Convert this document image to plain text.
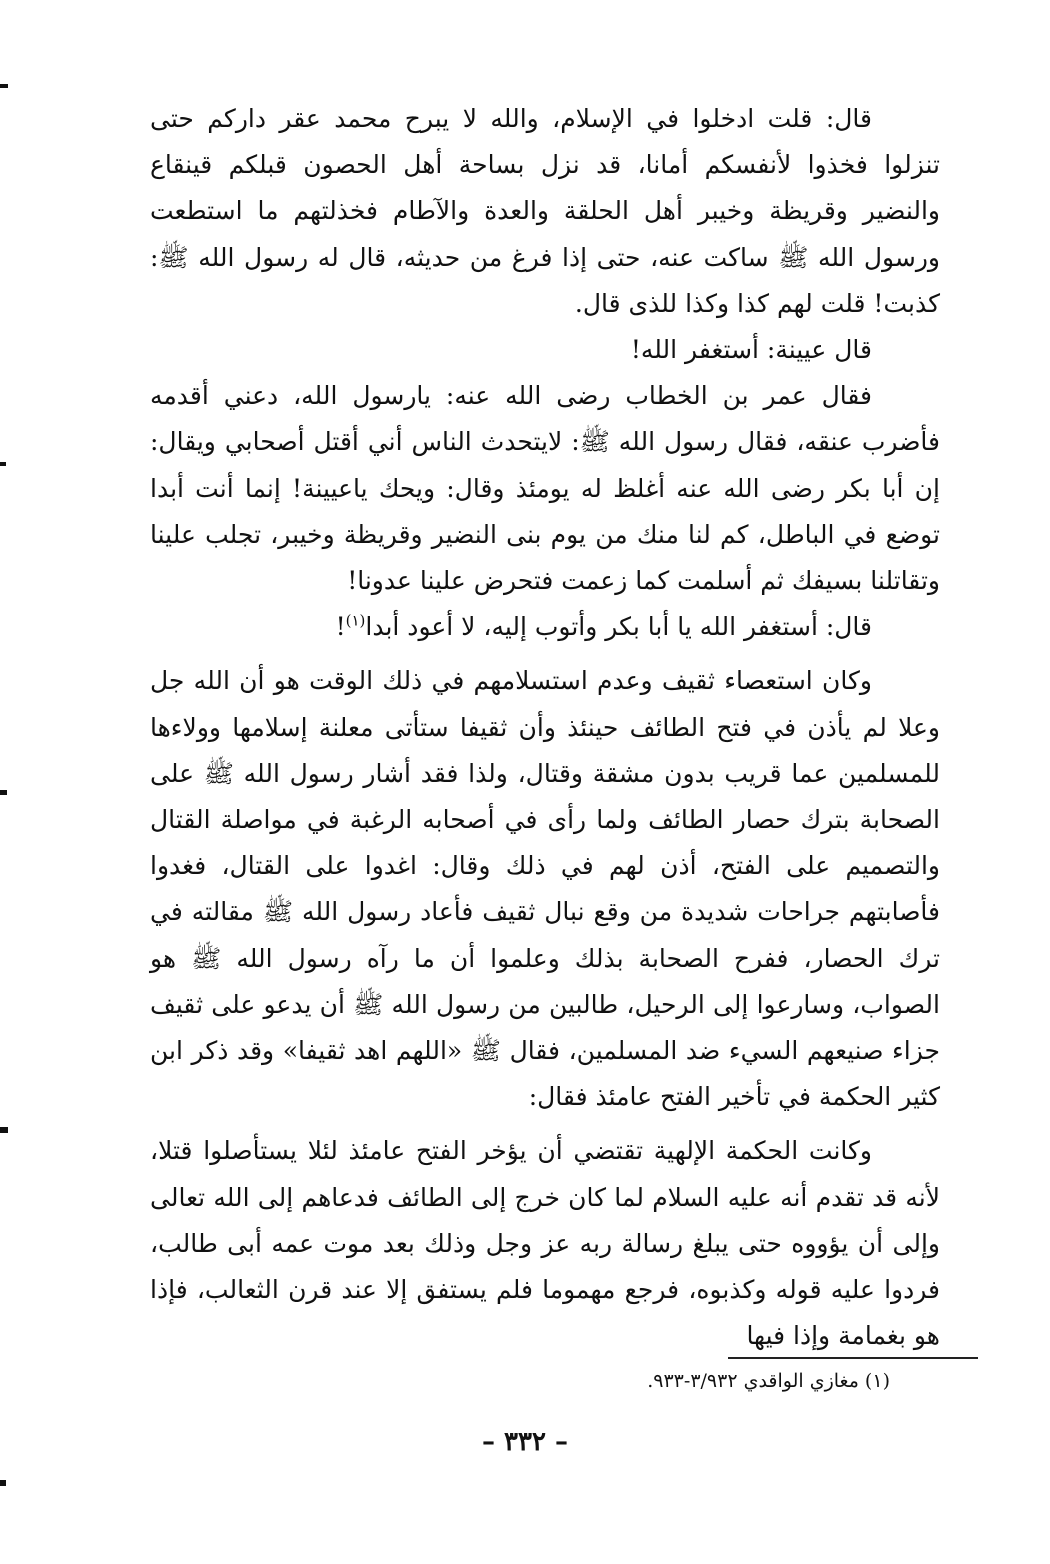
قال: قلت ادخلوا في الإسلام، والله لا يبرح محمد عقر داركم حتى تنزلوا فخذوا لأنفسكم أمانا، قد نزل بساحة أهل الحصون قبلكم قينقاع والنضير وقريظة وخيبر أهل الحلقة والعدة والآطام فخذلتهم ما استطعت ورسول الله ﷺ ساكت عنه، حتى إذا فرغ من حديثه، قال له رسول الله ﷺ: كذبت! قلت لهم كذا وكذا للذى قال.

قال عيينة: أستغفر الله!

فقال عمر بن الخطاب رضى الله عنه: يارسول الله، دعني أقدمه فأضرب عنقه، فقال رسول الله ﷺ: لايتحدث الناس أني أقتل أصحابي ويقال: إن أبا بكر رضى الله عنه أغلظ له يومئذ وقال: ويحك ياعيينة! إنما أنت أبدا توضع في الباطل، كم لنا منك من يوم بنى النضير وقريظة وخيبر، تجلب علينا وتقاتلنا بسيفك ثم أسلمت كما زعمت فتحرض علينا عدونا!

قال: أستغفر الله يا أبا بكر وأتوب إليه، لا أعود أبدا$^{(١)}$!

وكان استعصاء ثقيف وعدم استسلامهم في ذلك الوقت هو أن الله جل وعلا لم يأذن في فتح الطائف حينئذ وأن ثقيفا ستأتى معلنة إسلامها وولاءها للمسلمين عما قريب بدون مشقة وقتال، ولذا فقد أشار رسول الله ﷺ على الصحابة بترك حصار الطائف ولما رأى في أصحابه الرغبة في مواصلة القتال والتصميم على الفتح، أذن لهم في ذلك وقال: اغدوا على القتال، فغدوا فأصابتهم جراحات شديدة من وقع نبال ثقيف فأعاد رسول الله ﷺ مقالته في ترك الحصار، ففرح الصحابة بذلك وعلموا أن ما رآه رسول الله ﷺ هو الصواب، وسارعوا إلى الرحيل، طالبين من رسول الله ﷺ أن يدعو على ثقيف جزاء صنيعهم السيء ضد المسلمين، فقال ﷺ «اللهم اهد ثقيفا» وقد ذكر ابن كثير الحكمة في تأخير الفتح عامئذ فقال:

وكانت الحكمة الإلهية تقتضي أن يؤخر الفتح عامئذ لئلا يستأصلوا قتلا، لأنه قد تقدم أنه عليه السلام لما كان خرج إلى الطائف فدعاهم إلى الله تعالى وإلى أن يؤووه حتى يبلغ رسالة ربه عز وجل وذلك بعد موت عمه أبى طالب، فردوا عليه قوله وكذبوه، فرجع مهموما فلم يستفق إلا عند قرن الثعالب، فإذا هو بغمامة وإذا فيها

(١) مغازي الواقدي ٣/٩٣٢-٩٣٣.
– ٣٣٢ –
